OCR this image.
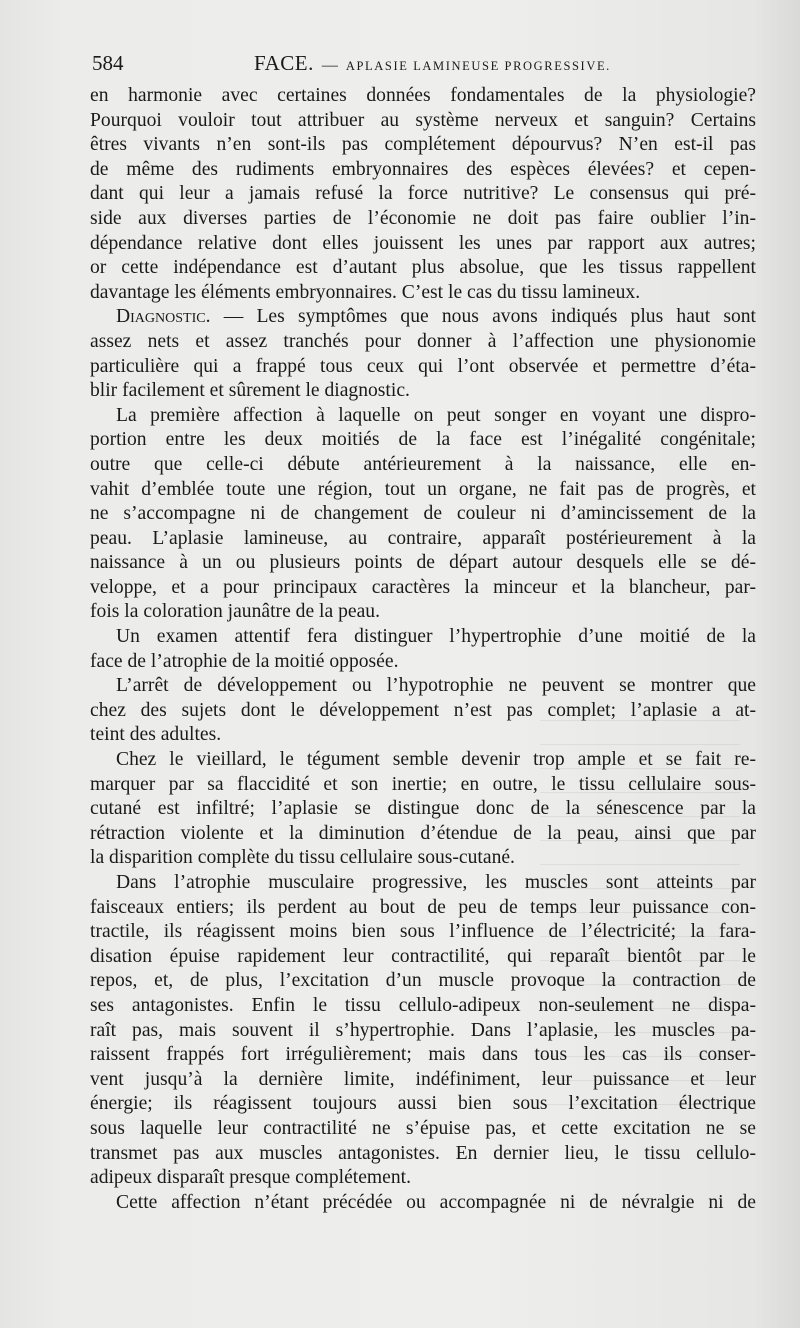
584	FACE. — APLASIE LAMINEUSE PROGRESSIVE.

en harmonie avec certaines données fondamentales de la physiologie?

Pourquoi vouloir tout attribuer au système nerveux et sanguin? Certains

êtres vivants n’en sont-ils pas complétement dépourvus? N’en est-il pas

de même des rudiments embryonnaires des espèces élevées? et cepen-

dant qui leur a jamais refusé la force nutritive? Le consensus qui pré-

side aux diverses parties de l’économie ne doit pas faire oublier l’in-

dépendance relative dont elles jouissent les unes par rapport aux autres;

or cette indépendance est d’autant plus absolue, que les tissus rappellent

davantage les éléments embryonnaires. C’est le cas du tissu lamineux.

Diagnostic. — Les symptômes que nous avons indiqués plus haut sont

assez nets et assez tranchés pour donner à l’affection une physionomie

particulière qui a frappé tous ceux qui l’ont observée et permettre d’éta-

blir facilement et sûrement le diagnostic.

La première affection à laquelle on peut songer en voyant une dispro-

portion entre les deux moitiés de la face est l’inégalité congénitale;

outre que celle-ci débute antérieurement à la naissance, elle en-

vahit d’emblée toute une région, tout un organe, ne fait pas de progrès, et

ne s’accompagne ni de changement de couleur ni d’amincissement de la

peau. L’aplasie lamineuse, au contraire, apparaît postérieurement à la

naissance à un ou plusieurs points de départ autour desquels elle se dé-

veloppe, et a pour principaux caractères la minceur et la blancheur, par-

fois la coloration jaunâtre de la peau.

Un examen attentif fera distinguer l’hypertrophie d’une moitié de la

face de l’atrophie de la moitié opposée.

L’arrêt de développement ou l’hypotrophie ne peuvent se montrer que

chez des sujets dont le développement n’est pas complet; l’aplasie a at-

teint des adultes.

Chez le vieillard, le tégument semble devenir trop ample et se fait re-

marquer par sa flaccidité et son inertie; en outre, le tissu cellulaire sous-

cutané est infiltré; l’aplasie se distingue donc de la sénescence par la

rétraction violente et la diminution d’étendue de la peau, ainsi que par

la disparition complète du tissu cellulaire sous-cutané.

Dans l’atrophie musculaire progressive, les muscles sont atteints par

faisceaux entiers; ils perdent au bout de peu de temps leur puissance con-

tractile, ils réagissent moins bien sous l’influence de l’électricité; la fara-

disation épuise rapidement leur contractilité, qui reparaît bientôt par le

repos, et, de plus, l’excitation d’un muscle provoque la contraction de

ses antagonistes. Enfin le tissu cellulo-adipeux non-seulement ne dispa-

raît pas, mais souvent il s’hypertrophie. Dans l’aplasie, les muscles pa-

raissent frappés fort irrégulièrement; mais dans tous les cas ils conser-

vent jusqu’à la dernière limite, indéfiniment, leur puissance et leur

énergie; ils réagissent toujours aussi bien sous l’excitation électrique

sous laquelle leur contractilité ne s’épuise pas, et cette excitation ne se

transmet pas aux muscles antagonistes. En dernier lieu, le tissu cellulo-

adipeux disparaît presque complétement.

Cette affection n’étant précédée ou accompagnée ni de névralgie ni de
